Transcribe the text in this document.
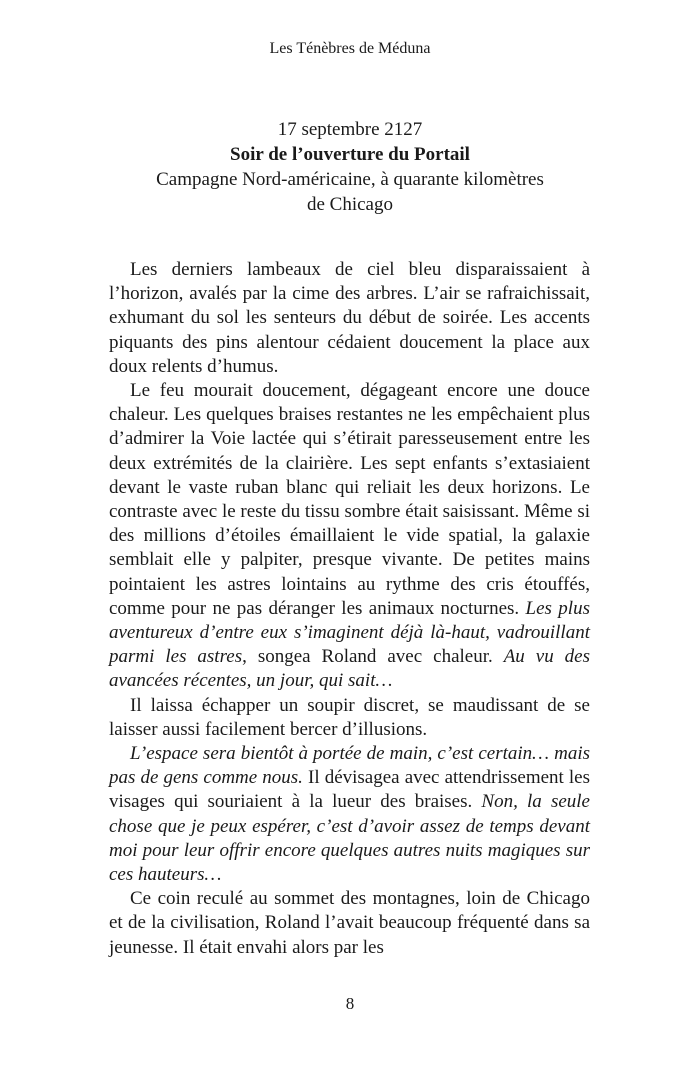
Les Ténèbres de Méduna
17 septembre 2127
Soir de l’ouverture du Portail
Campagne Nord-américaine, à quarante kilomètres
de Chicago

Les derniers lambeaux de ciel bleu disparaissaient à l’horizon, avalés par la cime des arbres. L’air se rafraichissait, exhumant du sol les senteurs du début de soirée. Les accents piquants des pins alentour cédaient doucement la place aux doux relents d’humus.

Le feu mourait doucement, dégageant encore une douce chaleur. Les quelques braises restantes ne les empêchaient plus d’admirer la Voie lactée qui s’étirait paresseusement entre les deux extrémités de la clairière. Les sept enfants s’extasiaient devant le vaste ruban blanc qui reliait les deux horizons. Le contraste avec le reste du tissu sombre était saisissant. Même si des millions d’étoiles émaillaient le vide spatial, la galaxie semblait elle y palpiter, presque vivante. De petites mains pointaient les astres lointains au rythme des cris étouffés, comme pour ne pas déranger les animaux nocturnes. Les plus aventureux d’entre eux s’imaginent déjà là-haut, vadrouillant parmi les astres, songea Roland avec chaleur. Au vu des avancées récentes, un jour, qui sait…

Il laissa échapper un soupir discret, se maudissant de se laisser aussi facilement bercer d’illusions.

L’espace sera bientôt à portée de main, c’est certain… mais pas de gens comme nous. Il dévisagea avec attendrissement les visages qui souriaient à la lueur des braises. Non, la seule chose que je peux espérer, c’est d’avoir assez de temps devant moi pour leur offrir encore quelques autres nuits magiques sur ces hauteurs…

Ce coin reculé au sommet des montagnes, loin de Chicago et de la civilisation, Roland l’avait beaucoup fréquenté dans sa jeunesse. Il était envahi alors par les

8
